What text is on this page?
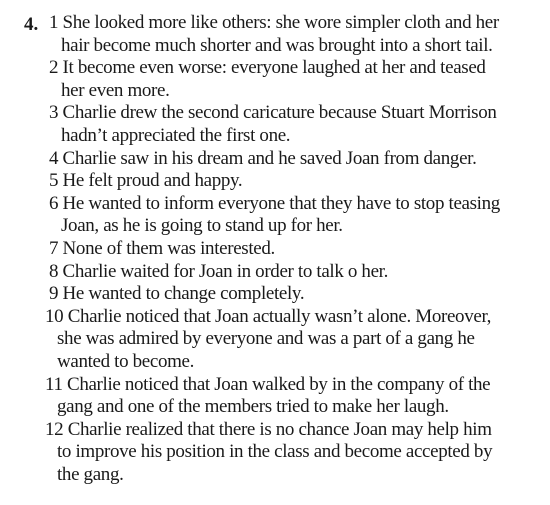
4. 1 She looked more like others: she wore simpler cloth and her
hair become much shorter and was brought into a short tail.
2 It become even worse: everyone laughed at her and teased
her even more.
3 Charlie drew the second caricature because Stuart Morrison
hadn’t appreciated the first one.
4 Charlie saw in his dream and he saved Joan from danger.
5 He felt proud and happy.
6 He wanted to inform everyone that they have to stop teasing
Joan, as he is going to stand up for her.
7 None of them was interested.
8 Charlie waited for Joan in order to talk o her.
9 He wanted to change completely.
10 Charlie noticed that Joan actually wasn’t alone. Moreover,
she was admired by everyone and was a part of a gang he
wanted to become.
11 Charlie noticed that Joan walked by in the company of the
gang and one of the members tried to make her laugh.
12 Charlie realized that there is no chance Joan may help him
to improve his position in the class and become accepted by
the gang.
